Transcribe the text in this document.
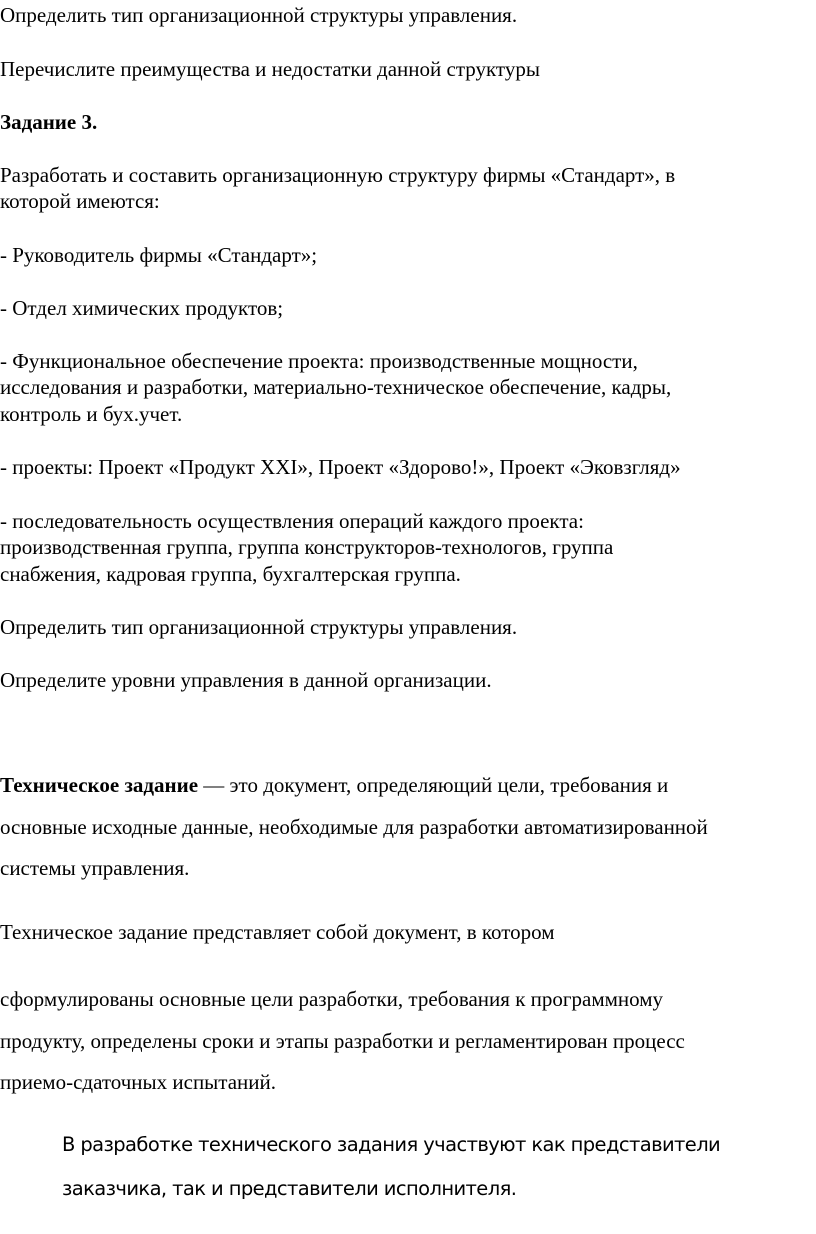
Определить тип организационной структуры управления.

Перечислите преимущества и недостатки данной структуры

Задание 3.

Разработать и составить организационную структуру фирмы «Стандарт», в

которой имеются:

- Руководитель фирмы «Стандарт»;

- Отдел химических продуктов;

- Функциональное обеспечение проекта: производственные мощности,

исследования и разработки, материально-техническое обеспечение, кадры,

контроль и бух.учет.

- проекты: Проект «Продукт XXI», Проект «Здорово!», Проект «Эковзгляд»

- последовательность осуществления операций каждого проекта:

производственная группа, группа конструкторов-технологов, группа

снабжения, кадровая группа, бухгалтерская группа.

Определить тип организационной структуры управления.

Определите уровни управления в данной организации.

Техническое задание — это документ, определяющий цели, требования и

основные исходные данные, необходимые для разработки автоматизированной

системы управления.

Техническое задание представляет собой документ, в котором

сформулированы основные цели разработки, требования к программному

продукту, определены сроки и этапы разработки и регламентирован процесс

приемо-сдаточных испытаний.

В разработке технического задания участвуют как представители

заказчика, так и представители исполнителя.
